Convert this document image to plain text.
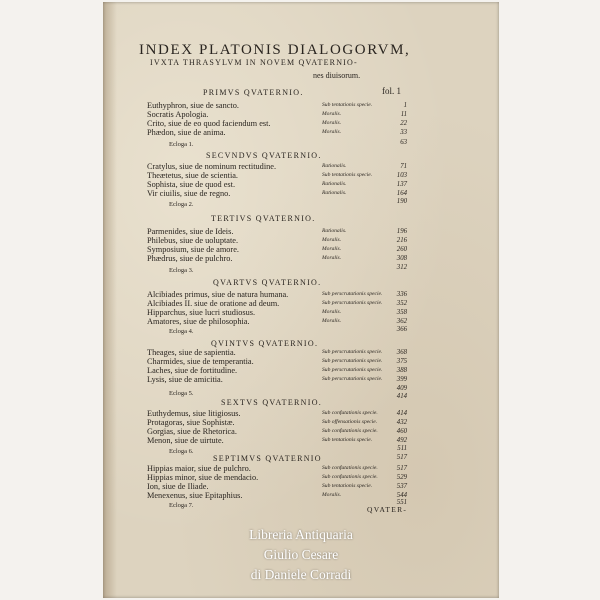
INDEX PLATONIS DIALOGORVM,
IVXTA THRASYLVM IN NOVEM QVATERNIO-
nes diuisorum.
fol. 1
PRIMVS QVATERNIO.
Euthyphron, siue de sancto.	Sub tentationis specie.	1
Socratis Apologia.	Moralis.	11
Crito, siue de eo quod faciendum est.	Moralis.	22
Phædon, siue de anima.	Moralis.	33
Ecloga 1.	63
SECVNDVS QVATERNIO.
Cratylus, siue de nominum rectitudine.	Rationalis.	71
Theætetus, siue de scientia.	Sub tentationis specie.	103
Sophista, siue de quod est.	Rationalis.	137
Vir ciuilis, siue de regno.	Rationalis.	164
Ecloga 2.	190
TERTIVS QVATERNIO.
Parmenides, siue de Ideis.	Rationalis.	196
Philebus, siue de uoluptate.	Moralis.	216
Symposium, siue de amore.	Moralis.	260
Phædrus, siue de pulchro.	Moralis.	308
Ecloga 3.	312
QVARTVS QVATERNIO.
Alcibiades primus, siue de natura humana.	Sub perscrutationis specie. 336
Alcibiades II. siue de oratione ad deum.	Sub perscrutationis specie. 352
Hipparchus, siue lucri studiosus.	Moralis.	358
Amatores, siue de philosophia.	Moralis.	362
Ecloga 4.	366
QVINTVS QVATERNIO.
Theages, siue de sapientia.	Sub perscrutationis specie. 368
Charmides, siue de temperantia.	Sub perscrutationis specie. 375
Laches, siue de fortitudine.	Sub perscrutationis specie. 388
Lysis, siue de amicitia.	Sub perscrutationis specie. 399
409
Ecloga 5.	414
SEXTVS QVATERNIO.
Euthydemus, siue litigiosus.	Sub confutationis specie.	414
Protagoras, siue Sophistæ.	Sub offensationis specie.	432
Gorgias, siue de Rhetorica.	Sub confutationis specie.	460
Menon, siue de uirtute.	Sub tentationis specie.	492
Ecloga 6.	511
517
SEPTIMVS QVATERNIO
Hippias maior, siue de pulchro.	Sub confutationis specie.	517
Hippias minor, siue de mendacio.	Sub confutationis specie.	529
Ion, siue de Iliade.	Sub tentationis specie.	537
Menexenus, siue Epitaphius.	Moralis.	544
Ecloga 7.	551
QVATER-
Libreria Antiquaria
Giulio Cesare
di Daniele Corradi
